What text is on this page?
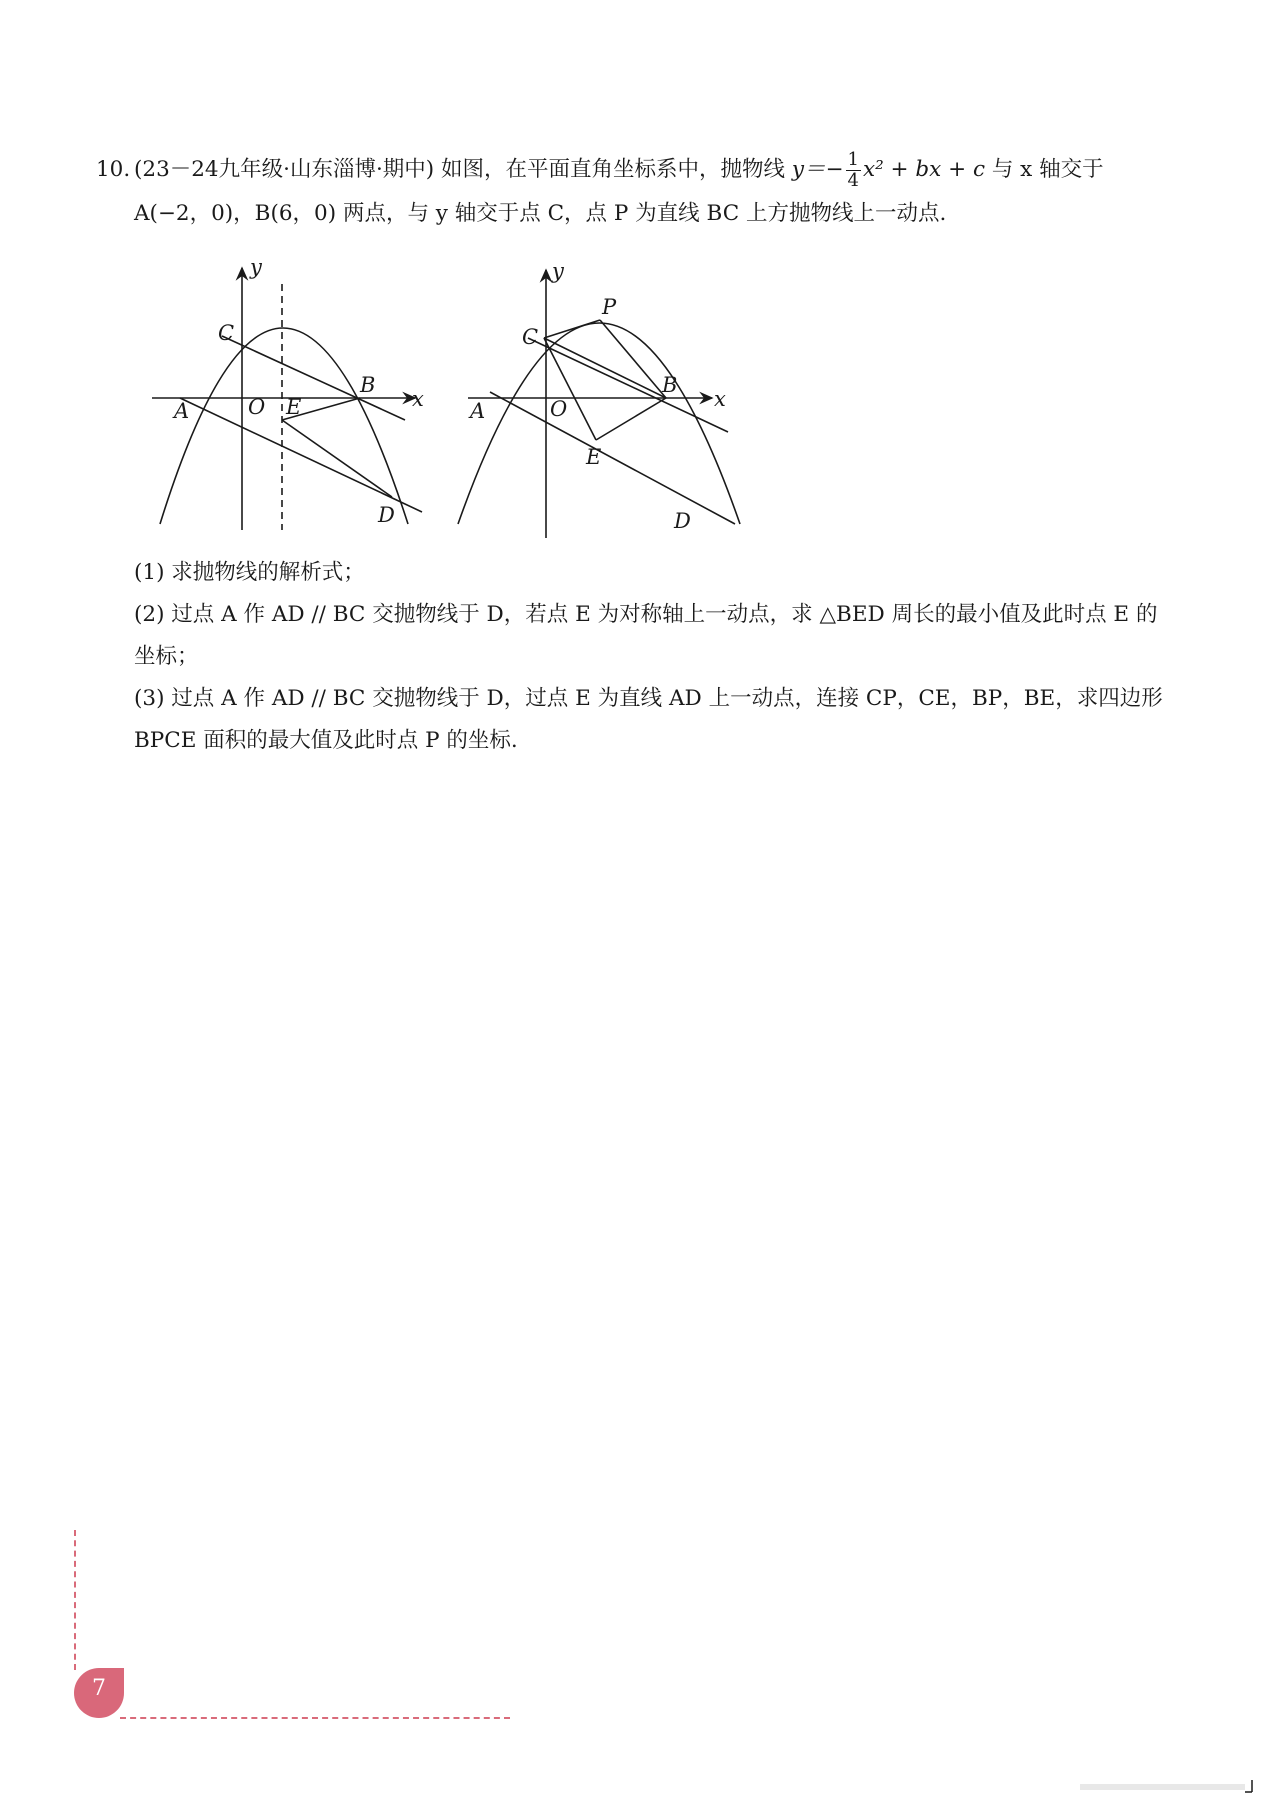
10. (23－24九年级·山东淄博·期中) 如图，在平面直角坐标系中，抛物线 $y=- \frac{1}{4} x^2$ + bx + c 与 x 轴交于
A(−2，0)，B(6，0) 两点，与 y 轴交于点 C，点 P 为直线 BC 上方抛物线上一动点.
y
x
C
B
A	O E
D
y
x
C
P
B
A	O
E
D
(1) 求抛物线的解析式；
(2) 过点 A 作 AD // BC 交抛物线于 D，若点 E 为对称轴上一动点，求 △BED 周长的最小值及此时点 E 的
坐标；
(3) 过点 A 作 AD // BC 交抛物线于 D，过点 E 为直线 AD 上一动点，连接 CP，CE，BP，BE，求四边形
BPCE 面积的最大值及此时点 P 的坐标.
7
